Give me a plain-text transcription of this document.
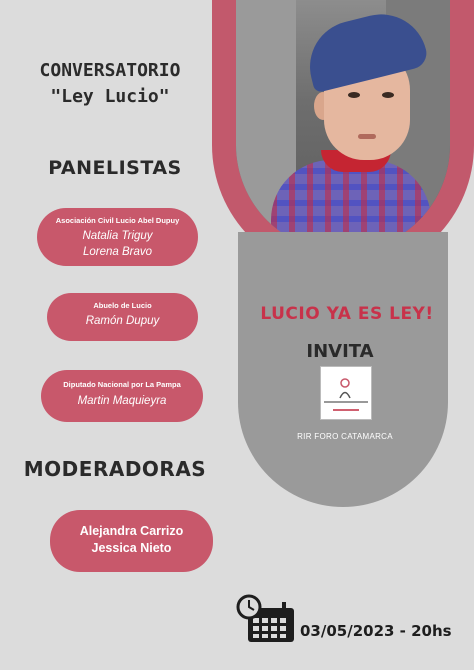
LUCIO YA ES LEY!
INVITA
RIR FORO CATAMARCA
CONVERSATORIO
"Ley Lucio"
PANELISTAS
Asociación Civil Lucio Abel Dupuy
Natalia Triguy
Lorena Bravo
Abuelo de Lucio
Ramón Dupuy
Diputado Nacional por La Pampa
Martin Maquieyra
MODERADORAS
Alejandra Carrizo
Jessica Nieto
03/05/2023 - 20hs
